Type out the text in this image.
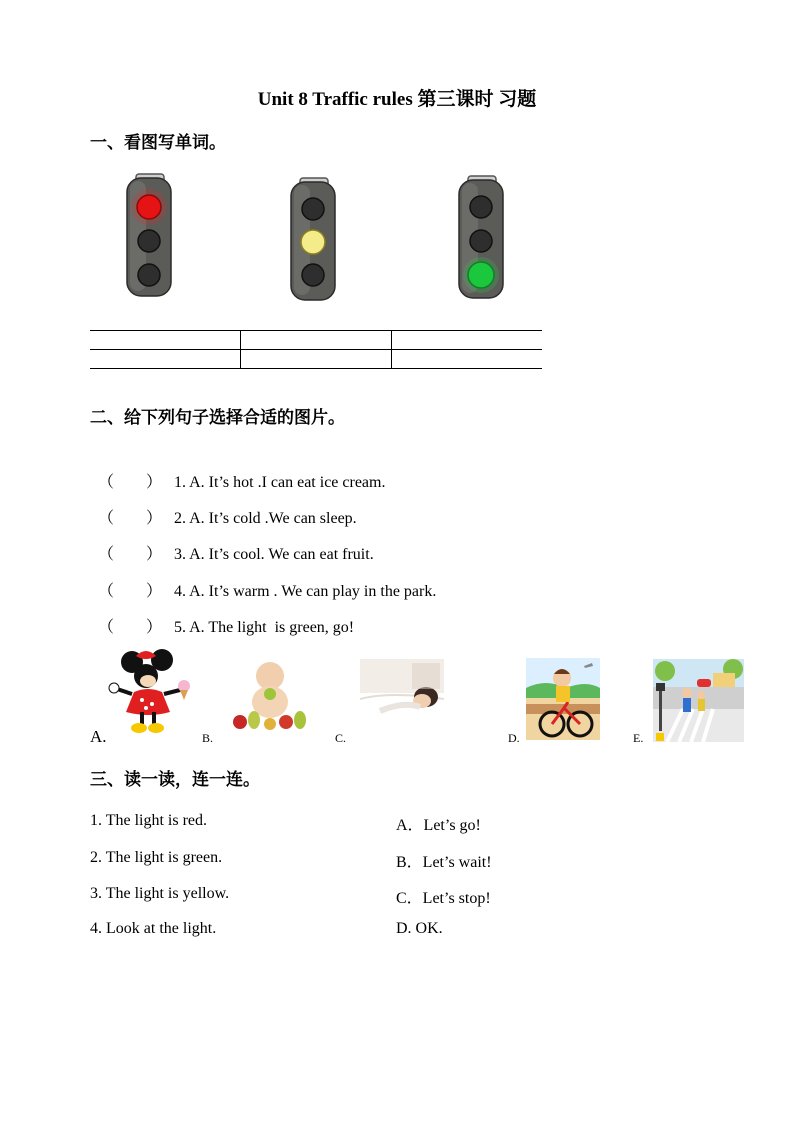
Unit 8 Traffic rules 第三课时 习题
一、看图写单词。

二、给下列句子选择合适的图片。

（　　） 1. A. It’s hot .I can eat ice cream.

（　　） 2. A. It’s cold .We can sleep.

（　　） 3. A. It’s cool. We can eat fruit.

（　　） 4. A. It’s warm . We can play in the park.

（　　） 5. A. The light  is green, go!

A.	B.	C.	D.	E.
三、读一读，连一连。
1. The light is red.
2. The light is green.
3. The light is yellow.
4. Look at the light.
A．Let’s go!
B．Let’s wait!
C．Let’s stop!
D. OK.
